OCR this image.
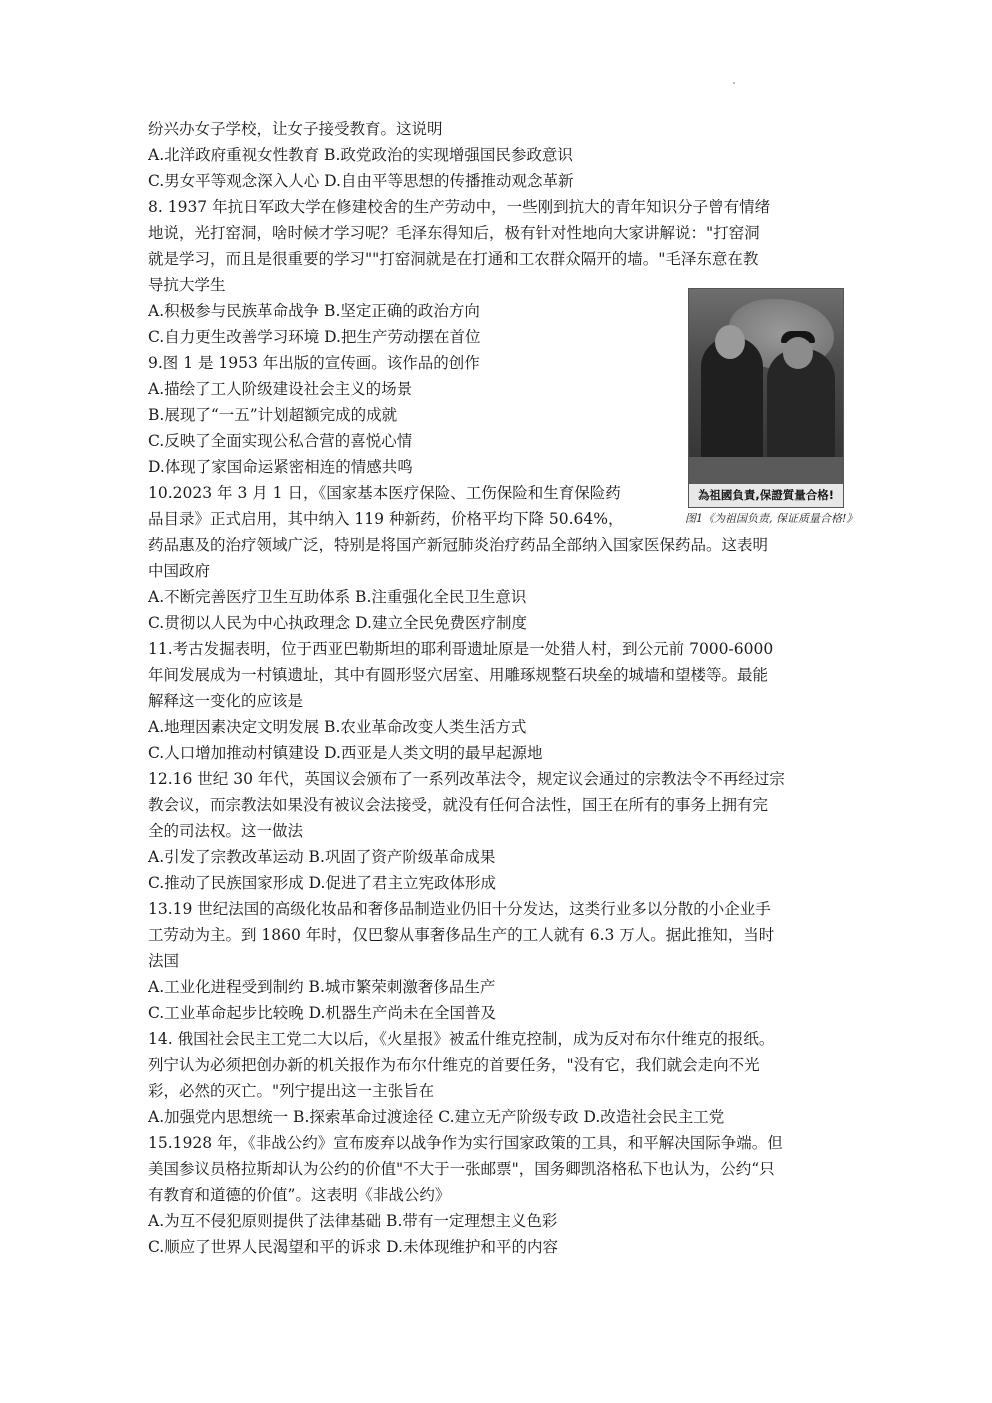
纷兴办女子学校，让女子接受教育。这说明
A.北洋政府重视女性教育 B.政党政治的实现增强国民参政意识
C.男女平等观念深入人心 D.自由平等思想的传播推动观念革新
8. 1937 年抗日军政大学在修建校舍的生产劳动中，一些刚到抗大的青年知识分子曾有情绪
地说，光打窑洞，啥时候才学习呢？毛泽东得知后，极有针对性地向大家讲解说："打窑洞
就是学习，而且是很重要的学习""打窑洞就是在打通和工农群众隔开的墙。"毛泽东意在教
导抗大学生
A.积极参与民族革命战争 B.坚定正确的政治方向
C.自力更生改善学习环境 D.把生产劳动摆在首位
9.图 1 是 1953 年出版的宣传画。该作品的创作
A.描绘了工人阶级建设社会主义的场景
B.展现了“一五”计划超额完成的成就
C.反映了全面实现公私合营的喜悦心情
D.体现了家国命运紧密相连的情感共鸣
10.2023 年 3 月 1 日，《国家基本医疗保险、工伤保险和生育保险药
品目录》正式启用，其中纳入 119 种新药，价格平均下降 50.64%，
药品惠及的治疗领域广泛，特别是将国产新冠肺炎治疗药品全部纳入国家医保药品。这表明
中国政府
A.不断完善医疗卫生互助体系 B.注重强化全民卫生意识
C.贯彻以人民为中心执政理念 D.建立全民免费医疗制度
11.考古发掘表明，位于西亚巴勒斯坦的耶利哥遗址原是一处猎人村，到公元前 7000-6000
年间发展成为一村镇遗址，其中有圆形竖穴居室、用雕琢规整石块垒的城墙和望楼等。最能
解释这一变化的应该是
A.地理因素决定文明发展 B.农业革命改变人类生活方式
C.人口增加推动村镇建设 D.西亚是人类文明的最早起源地
12.16 世纪 30 年代，英国议会颁布了一系列改革法令，规定议会通过的宗教法令不再经过宗
教会议，而宗教法如果没有被议会法接受，就没有任何合法性，国王在所有的事务上拥有完
全的司法权。这一做法
A.引发了宗教改革运动 B.巩固了资产阶级革命成果
C.推动了民族国家形成 D.促进了君主立宪政体形成
13.19 世纪法国的高级化妆品和奢侈品制造业仍旧十分发达，这类行业多以分散的小企业手
工劳动为主。到 1860 年时，仅巴黎从事奢侈品生产的工人就有 6.3 万人。据此推知，当时
法国
A.工业化进程受到制约 B.城市繁荣刺激奢侈品生产
C.工业革命起步比较晚 D.机器生产尚未在全国普及
14. 俄国社会民主工党二大以后，《火星报》被孟什维克控制，成为反对布尔什维克的报纸。
列宁认为必须把创办新的机关报作为布尔什维克的首要任务，"没有它，我们就会走向不光
彩，必然的灭亡。"列宁提出这一主张旨在
A.加强党内思想统一 B.探索革命过渡途径 C.建立无产阶级专政 D.改造社会民主工党
15.1928 年，《非战公约》宣布废弃以战争作为实行国家政策的工具，和平解决国际争端。但
美国参议员格拉斯却认为公约的价值"不大于一张邮票"，国务卿凯洛格私下也认为，公约“只
有教育和道德的价值”。这表明《非战公约》
A.为互不侵犯原则提供了法律基础 B.带有一定理想主义色彩
C.顺应了世界人民渴望和平的诉求 D.未体现维护和平的内容
為祖國負責,保證質量合格!
图1《为祖国负责, 保证质量合格!》
